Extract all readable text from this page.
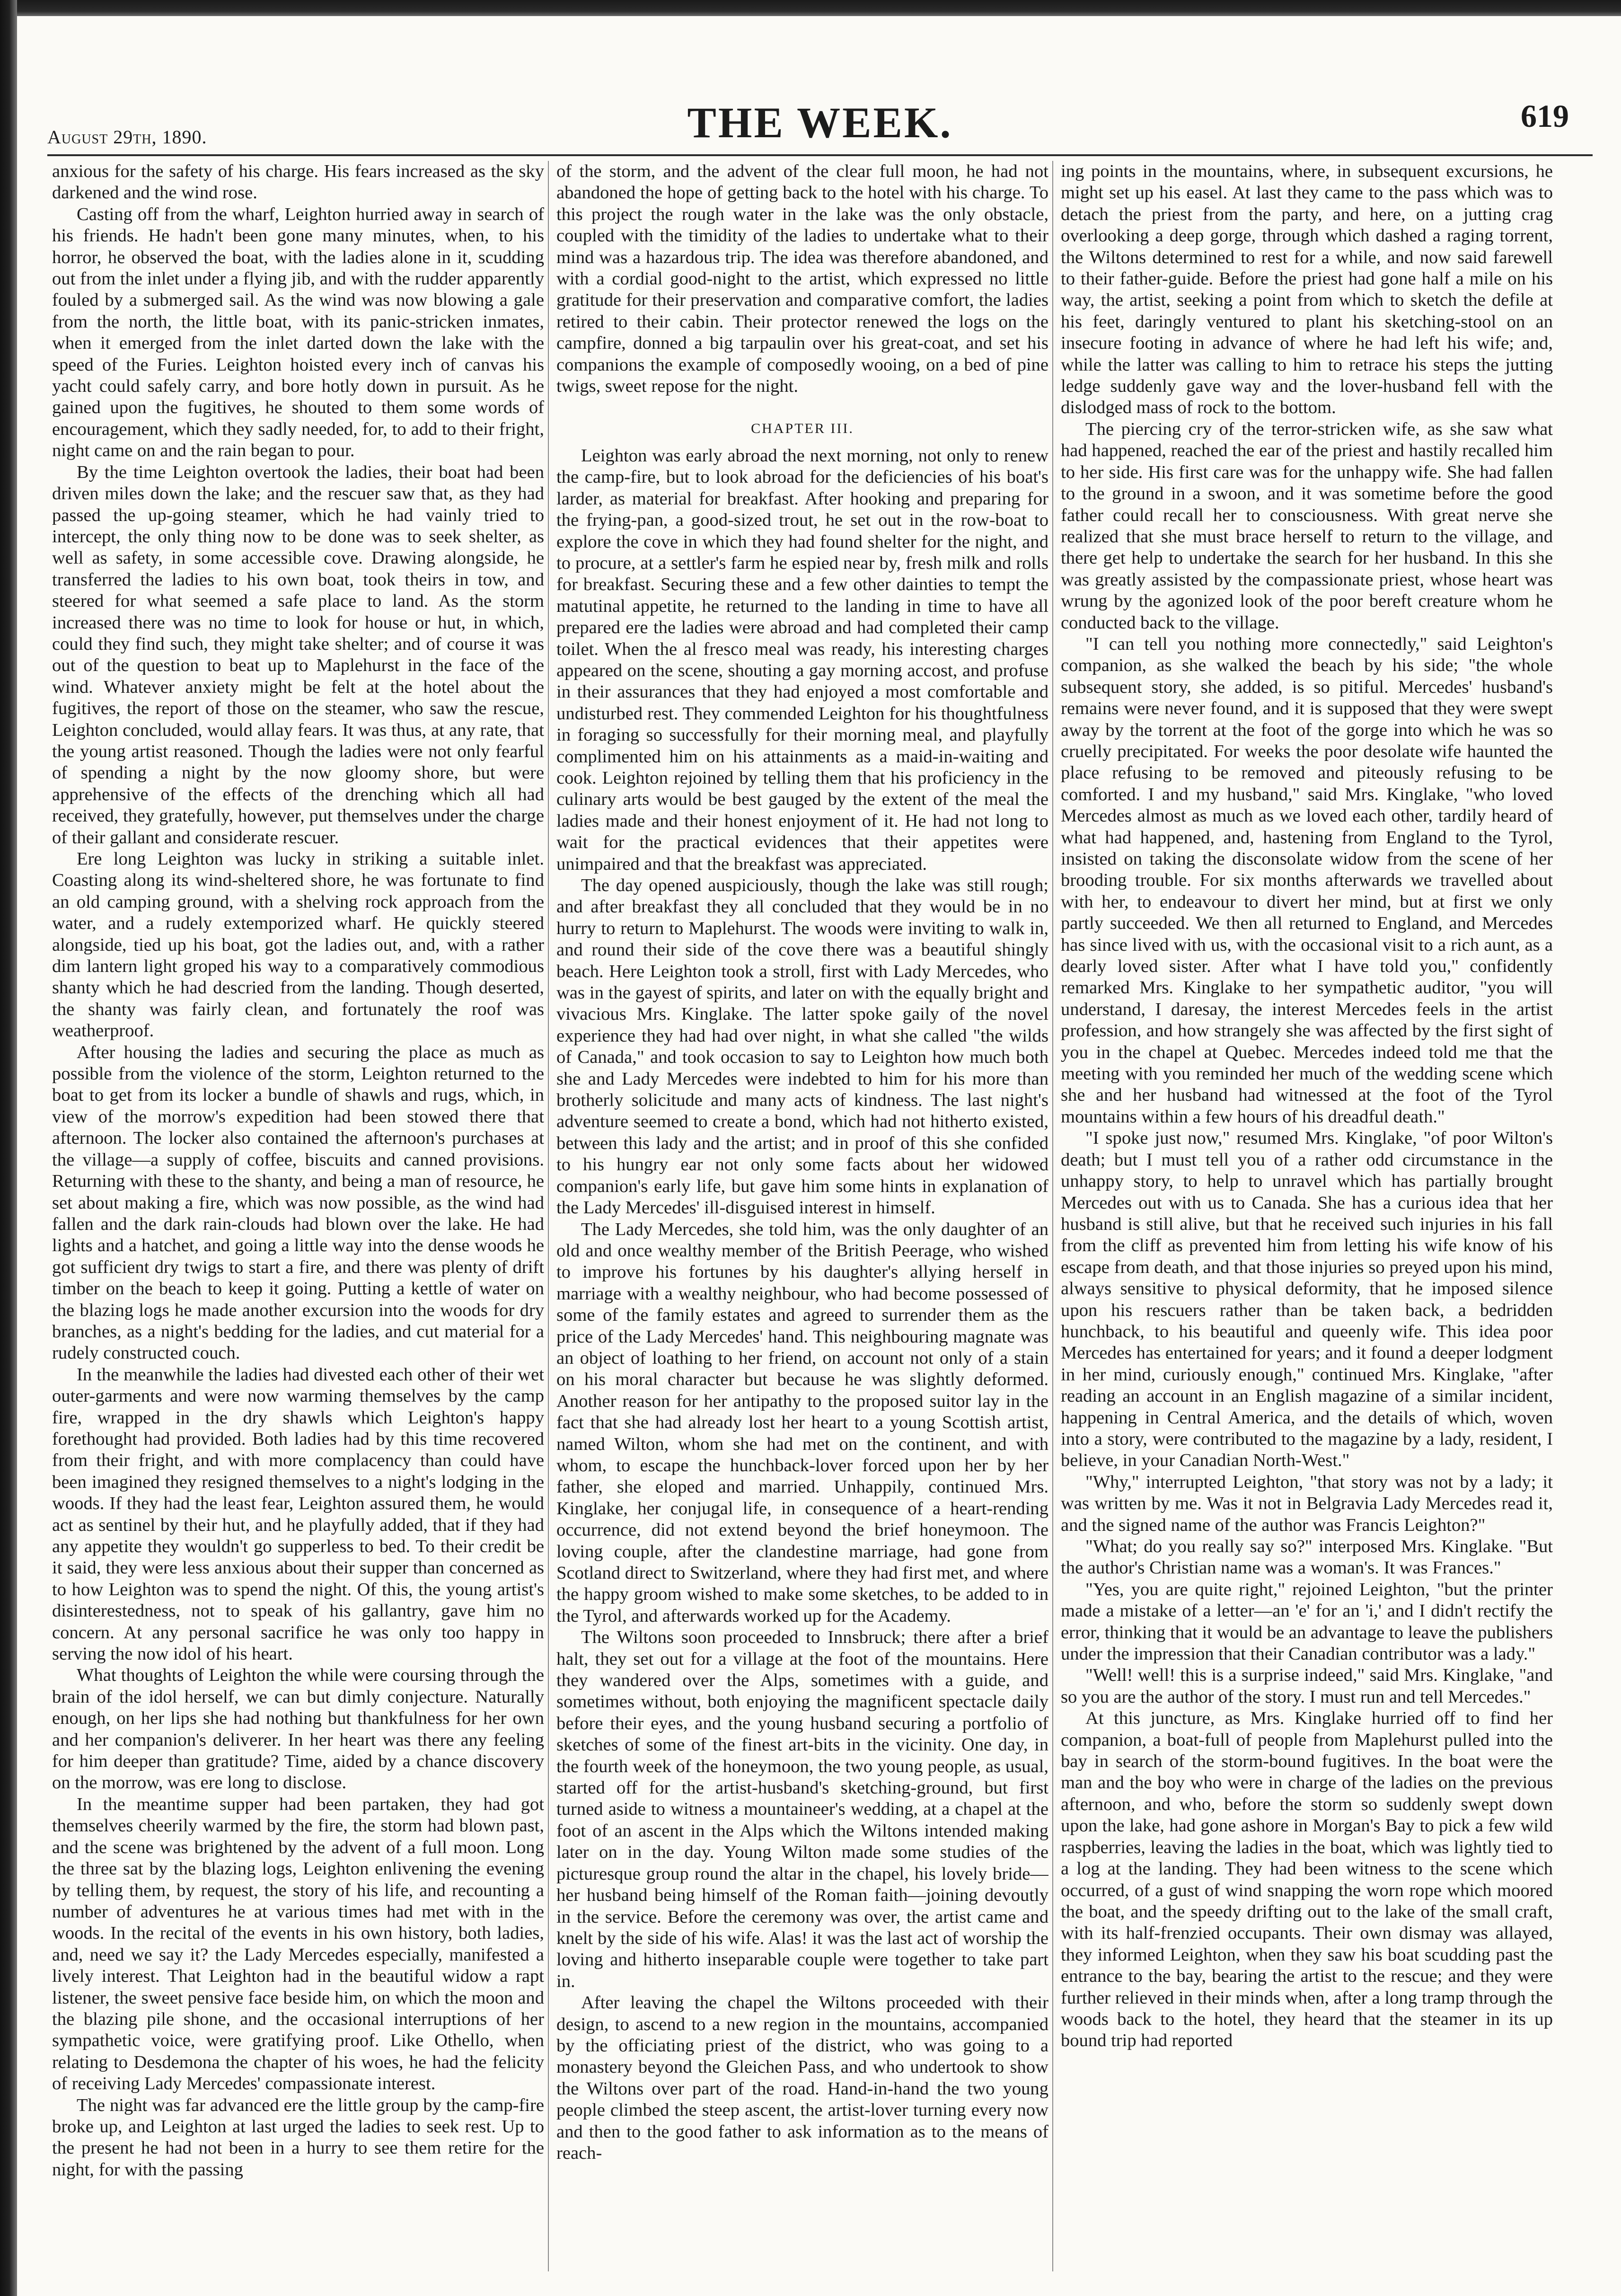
August 29th, 1890.	THE WEEK.	619

anxious for the safety of his charge. His fears increased as the sky darkened and the wind rose.

Casting off from the wharf, Leighton hurried away in search of his friends. He hadn't been gone many minutes, when, to his horror, he observed the boat, with the ladies alone in it, scudding out from the inlet under a flying jib, and with the rudder apparently fouled by a submerged sail. As the wind was now blowing a gale from the north, the little boat, with its panic-stricken inmates, when it emerged from the inlet darted down the lake with the speed of the Furies. Leighton hoisted every inch of canvas his yacht could safely carry, and bore hotly down in pursuit. As he gained upon the fugitives, he shouted to them some words of encouragement, which they sadly needed, for, to add to their fright, night came on and the rain began to pour.

By the time Leighton overtook the ladies, their boat had been driven miles down the lake; and the rescuer saw that, as they had passed the up-going steamer, which he had vainly tried to intercept, the only thing now to be done was to seek shelter, as well as safety, in some accessible cove. Drawing alongside, he transferred the ladies to his own boat, took theirs in tow, and steered for what seemed a safe place to land. As the storm increased there was no time to look for house or hut, in which, could they find such, they might take shelter; and of course it was out of the question to beat up to Maplehurst in the face of the wind. Whatever anxiety might be felt at the hotel about the fugitives, the report of those on the steamer, who saw the rescue, Leighton concluded, would allay fears. It was thus, at any rate, that the young artist reasoned. Though the ladies were not only fearful of spending a night by the now gloomy shore, but were apprehensive of the effects of the drenching which all had received, they gratefully, however, put themselves under the charge of their gallant and considerate rescuer.

Ere long Leighton was lucky in striking a suitable inlet. Coasting along its wind-sheltered shore, he was fortunate to find an old camping ground, with a shelving rock approach from the water, and a rudely extemporized wharf. He quickly steered alongside, tied up his boat, got the ladies out, and, with a rather dim lantern light groped his way to a comparatively commodious shanty which he had descried from the landing. Though deserted, the shanty was fairly clean, and fortunately the roof was weatherproof.

After housing the ladies and securing the place as much as possible from the violence of the storm, Leighton returned to the boat to get from its locker a bundle of shawls and rugs, which, in view of the morrow's expedition had been stowed there that afternoon. The locker also contained the afternoon's purchases at the village—a supply of coffee, biscuits and canned provisions. Returning with these to the shanty, and being a man of resource, he set about making a fire, which was now possible, as the wind had fallen and the dark rain-clouds had blown over the lake. He had lights and a hatchet, and going a little way into the dense woods he got sufficient dry twigs to start a fire, and there was plenty of drift timber on the beach to keep it going. Putting a kettle of water on the blazing logs he made another excursion into the woods for dry branches, as a night's bedding for the ladies, and cut material for a rudely constructed couch.

In the meanwhile the ladies had divested each other of their wet outer-garments and were now warming themselves by the camp fire, wrapped in the dry shawls which Leighton's happy forethought had provided. Both ladies had by this time recovered from their fright, and with more complacency than could have been imagined they resigned themselves to a night's lodging in the woods. If they had the least fear, Leighton assured them, he would act as sentinel by their hut, and he playfully added, that if they had any appetite they wouldn't go supperless to bed. To their credit be it said, they were less anxious about their supper than concerned as to how Leighton was to spend the night. Of this, the young artist's disinterestedness, not to speak of his gallantry, gave him no concern. At any personal sacrifice he was only too happy in serving the now idol of his heart.

What thoughts of Leighton the while were coursing through the brain of the idol herself, we can but dimly conjecture. Naturally enough, on her lips she had nothing but thankfulness for her own and her companion's deliverer. In her heart was there any feeling for him deeper than gratitude? Time, aided by a chance discovery on the morrow, was ere long to disclose.

In the meantime supper had been partaken, they had got themselves cheerily warmed by the fire, the storm had blown past, and the scene was brightened by the advent of a full moon. Long the three sat by the blazing logs, Leighton enlivening the evening by telling them, by request, the story of his life, and recounting a number of adventures he at various times had met with in the woods. In the recital of the events in his own history, both ladies, and, need we say it? the Lady Mercedes especially, manifested a lively interest. That Leighton had in the beautiful widow a rapt listener, the sweet pensive face beside him, on which the moon and the blazing pile shone, and the occasional interruptions of her sympathetic voice, were gratifying proof. Like Othello, when relating to Desdemona the chapter of his woes, he had the felicity of receiving Lady Mercedes' compassionate interest.

The night was far advanced ere the little group by the camp-fire broke up, and Leighton at last urged the ladies to seek rest. Up to the present he had not been in a hurry to see them retire for the night, for with the passing

of the storm, and the advent of the clear full moon, he had not abandoned the hope of getting back to the hotel with his charge. To this project the rough water in the lake was the only obstacle, coupled with the timidity of the ladies to undertake what to their mind was a hazardous trip. The idea was therefore abandoned, and with a cordial good-night to the artist, which expressed no little gratitude for their preservation and comparative comfort, the ladies retired to their cabin. Their protector renewed the logs on the campfire, donned a big tarpaulin over his great-coat, and set his companions the example of composedly wooing, on a bed of pine twigs, sweet repose for the night.

CHAPTER III.

Leighton was early abroad the next morning, not only to renew the camp-fire, but to look abroad for the deficiencies of his boat's larder, as material for breakfast. After hooking and preparing for the frying-pan, a good-sized trout, he set out in the row-boat to explore the cove in which they had found shelter for the night, and to procure, at a settler's farm he espied near by, fresh milk and rolls for breakfast. Securing these and a few other dainties to tempt the matutinal appetite, he returned to the landing in time to have all prepared ere the ladies were abroad and had completed their camp toilet. When the al fresco meal was ready, his interesting charges appeared on the scene, shouting a gay morning accost, and profuse in their assurances that they had enjoyed a most comfortable and undisturbed rest. They commended Leighton for his thoughtfulness in foraging so successfully for their morning meal, and playfully complimented him on his attainments as a maid-in-waiting and cook. Leighton rejoined by telling them that his proficiency in the culinary arts would be best gauged by the extent of the meal the ladies made and their honest enjoyment of it. He had not long to wait for the practical evidences that their appetites were unimpaired and that the breakfast was appreciated.

The day opened auspiciously, though the lake was still rough; and after breakfast they all concluded that they would be in no hurry to return to Maplehurst. The woods were inviting to walk in, and round their side of the cove there was a beautiful shingly beach. Here Leighton took a stroll, first with Lady Mercedes, who was in the gayest of spirits, and later on with the equally bright and vivacious Mrs. Kinglake. The latter spoke gaily of the novel experience they had had over night, in what she called "the wilds of Canada," and took occasion to say to Leighton how much both she and Lady Mercedes were indebted to him for his more than brotherly solicitude and many acts of kindness. The last night's adventure seemed to create a bond, which had not hitherto existed, between this lady and the artist; and in proof of this she confided to his hungry ear not only some facts about her widowed companion's early life, but gave him some hints in explanation of the Lady Mercedes' ill-disguised interest in himself.

The Lady Mercedes, she told him, was the only daughter of an old and once wealthy member of the British Peerage, who wished to improve his fortunes by his daughter's allying herself in marriage with a wealthy neighbour, who had become possessed of some of the family estates and agreed to surrender them as the price of the Lady Mercedes' hand. This neighbouring magnate was an object of loathing to her friend, on account not only of a stain on his moral character but because he was slightly deformed. Another reason for her antipathy to the proposed suitor lay in the fact that she had already lost her heart to a young Scottish artist, named Wilton, whom she had met on the continent, and with whom, to escape the hunchback-lover forced upon her by her father, she eloped and married. Unhappily, continued Mrs. Kinglake, her conjugal life, in consequence of a heart-rending occurrence, did not extend beyond the brief honeymoon. The loving couple, after the clandestine marriage, had gone from Scotland direct to Switzerland, where they had first met, and where the happy groom wished to make some sketches, to be added to in the Tyrol, and afterwards worked up for the Academy.

The Wiltons soon proceeded to Innsbruck; there after a brief halt, they set out for a village at the foot of the mountains. Here they wandered over the Alps, sometimes with a guide, and sometimes without, both enjoying the magnificent spectacle daily before their eyes, and the young husband securing a portfolio of sketches of some of the finest art-bits in the vicinity. One day, in the fourth week of the honeymoon, the two young people, as usual, started off for the artist-husband's sketching-ground, but first turned aside to witness a mountaineer's wedding, at a chapel at the foot of an ascent in the Alps which the Wiltons intended making later on in the day. Young Wilton made some studies of the picturesque group round the altar in the chapel, his lovely bride—her husband being himself of the Roman faith—joining devoutly in the service. Before the ceremony was over, the artist came and knelt by the side of his wife. Alas! it was the last act of worship the loving and hitherto inseparable couple were together to take part in.

After leaving the chapel the Wiltons proceeded with their design, to ascend to a new region in the mountains, accompanied by the officiating priest of the district, who was going to a monastery beyond the Gleichen Pass, and who undertook to show the Wiltons over part of the road. Hand-in-hand the two young people climbed the steep ascent, the artist-lover turning every now and then to the good father to ask information as to the means of reach-

ing points in the mountains, where, in subsequent excursions, he might set up his easel. At last they came to the pass which was to detach the priest from the party, and here, on a jutting crag overlooking a deep gorge, through which dashed a raging torrent, the Wiltons determined to rest for a while, and now said farewell to their father-guide. Before the priest had gone half a mile on his way, the artist, seeking a point from which to sketch the defile at his feet, daringly ventured to plant his sketching-stool on an insecure footing in advance of where he had left his wife; and, while the latter was calling to him to retrace his steps the jutting ledge suddenly gave way and the lover-husband fell with the dislodged mass of rock to the bottom.

The piercing cry of the terror-stricken wife, as she saw what had happened, reached the ear of the priest and hastily recalled him to her side. His first care was for the unhappy wife. She had fallen to the ground in a swoon, and it was sometime before the good father could recall her to consciousness. With great nerve she realized that she must brace herself to return to the village, and there get help to undertake the search for her husband. In this she was greatly assisted by the compassionate priest, whose heart was wrung by the agonized look of the poor bereft creature whom he conducted back to the village.

"I can tell you nothing more connectedly," said Leighton's companion, as she walked the beach by his side; "the whole subsequent story, she added, is so pitiful. Mercedes' husband's remains were never found, and it is supposed that they were swept away by the torrent at the foot of the gorge into which he was so cruelly precipitated. For weeks the poor desolate wife haunted the place refusing to be removed and piteously refusing to be comforted. I and my husband," said Mrs. Kinglake, "who loved Mercedes almost as much as we loved each other, tardily heard of what had happened, and, hastening from England to the Tyrol, insisted on taking the disconsolate widow from the scene of her brooding trouble. For six months afterwards we travelled about with her, to endeavour to divert her mind, but at first we only partly succeeded. We then all returned to England, and Mercedes has since lived with us, with the occasional visit to a rich aunt, as a dearly loved sister. After what I have told you," confidently remarked Mrs. Kinglake to her sympathetic auditor, "you will understand, I daresay, the interest Mercedes feels in the artist profession, and how strangely she was affected by the first sight of you in the chapel at Quebec. Mercedes indeed told me that the meeting with you reminded her much of the wedding scene which she and her husband had witnessed at the foot of the Tyrol mountains within a few hours of his dreadful death."

"I spoke just now," resumed Mrs. Kinglake, "of poor Wilton's death; but I must tell you of a rather odd circumstance in the unhappy story, to help to unravel which has partially brought Mercedes out with us to Canada. She has a curious idea that her husband is still alive, but that he received such injuries in his fall from the cliff as prevented him from letting his wife know of his escape from death, and that those injuries so preyed upon his mind, always sensitive to physical deformity, that he imposed silence upon his rescuers rather than be taken back, a bedridden hunchback, to his beautiful and queenly wife. This idea poor Mercedes has entertained for years; and it found a deeper lodgment in her mind, curiously enough," continued Mrs. Kinglake, "after reading an account in an English magazine of a similar incident, happening in Central America, and the details of which, woven into a story, were contributed to the magazine by a lady, resident, I believe, in your Canadian North-West."

"Why," interrupted Leighton, "that story was not by a lady; it was written by me. Was it not in Belgravia Lady Mercedes read it, and the signed name of the author was Francis Leighton?"

"What; do you really say so?" interposed Mrs. Kinglake. "But the author's Christian name was a woman's. It was Frances."

"Yes, you are quite right," rejoined Leighton, "but the printer made a mistake of a letter—an 'e' for an 'i,' and I didn't rectify the error, thinking that it would be an advantage to leave the publishers under the impression that their Canadian contributor was a lady."

"Well! well! this is a surprise indeed," said Mrs. Kinglake, "and so you are the author of the story. I must run and tell Mercedes."

At this juncture, as Mrs. Kinglake hurried off to find her companion, a boat-full of people from Maplehurst pulled into the bay in search of the storm-bound fugitives. In the boat were the man and the boy who were in charge of the ladies on the previous afternoon, and who, before the storm so suddenly swept down upon the lake, had gone ashore in Morgan's Bay to pick a few wild raspberries, leaving the ladies in the boat, which was lightly tied to a log at the landing. They had been witness to the scene which occurred, of a gust of wind snapping the worn rope which moored the boat, and the speedy drifting out to the lake of the small craft, with its half-frenzied occupants. Their own dismay was allayed, they informed Leighton, when they saw his boat scudding past the entrance to the bay, bearing the artist to the rescue; and they were further relieved in their minds when, after a long tramp through the woods back to the hotel, they heard that the steamer in its up bound trip had reported
